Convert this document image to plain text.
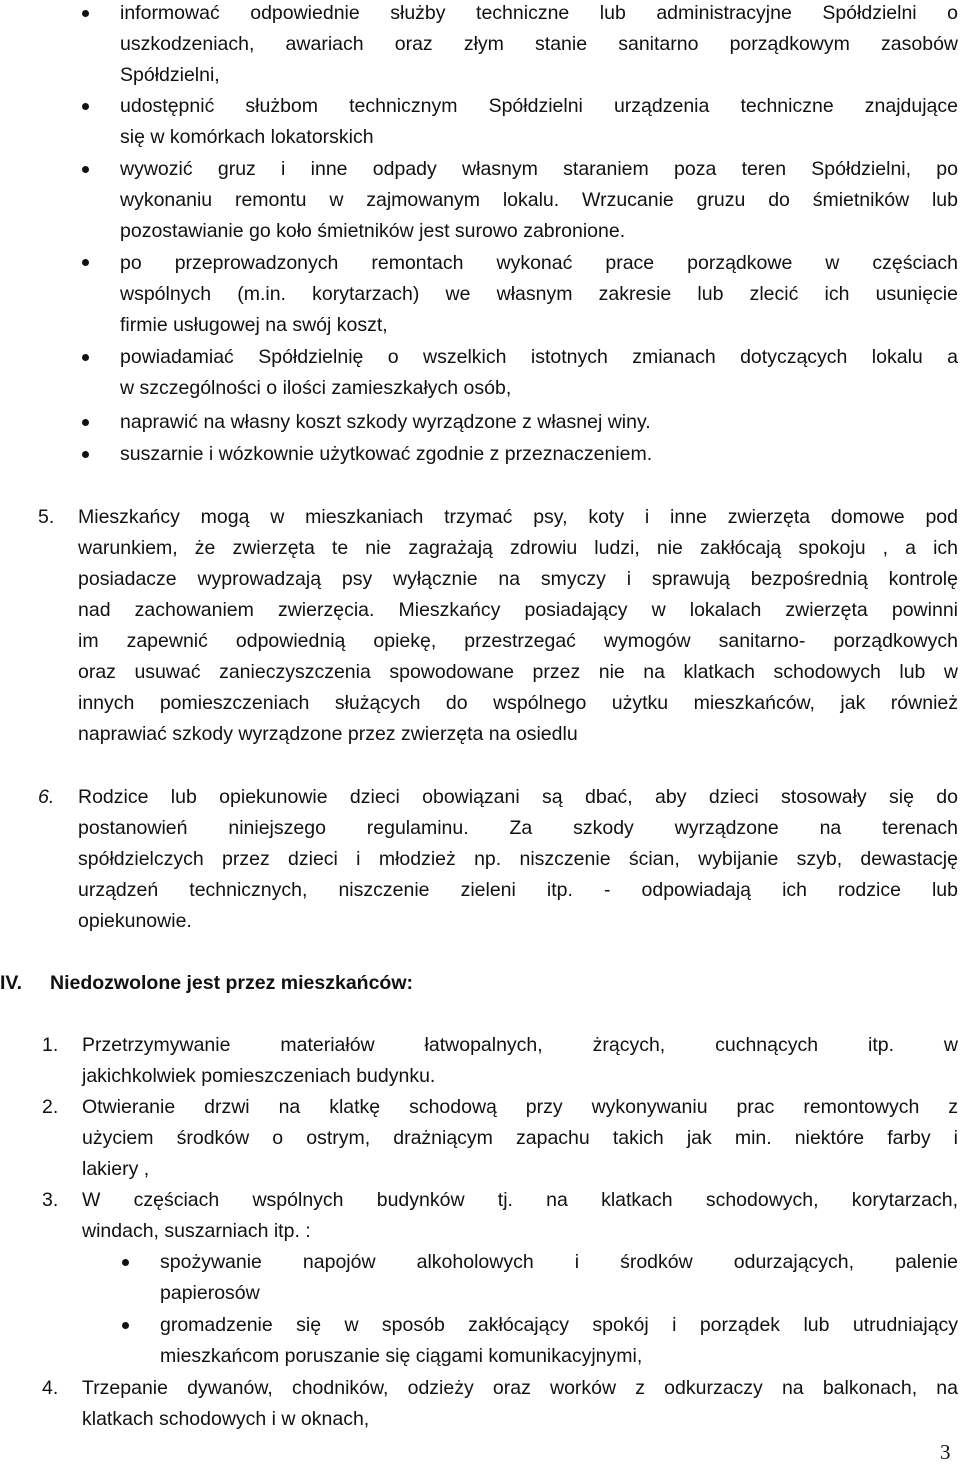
informować odpowiednie służby techniczne lub administracyjne Spółdzielni o
uszkodzeniach, awariach oraz złym stanie sanitarno porządkowym zasobów
Spółdzielni,
udostępnić służbom technicznym Spółdzielni urządzenia techniczne znajdujące
się w komórkach lokatorskich
wywozić gruz i inne odpady własnym staraniem poza teren Spółdzielni, po
wykonaniu remontu w zajmowanym lokalu. Wrzucanie gruzu do śmietników lub
pozostawianie go koło śmietników jest surowo zabronione.
po przeprowadzonych remontach wykonać prace porządkowe w częściach
wspólnych (m.in. korytarzach) we własnym zakresie lub zlecić ich usunięcie
firmie usługowej na swój koszt,
powiadamiać Spółdzielnię o wszelkich istotnych zmianach dotyczących lokalu a
w szczególności o ilości zamieszkałych osób,
naprawić na własny koszt szkody wyrządzone z własnej winy.
suszarnie i wózkownie użytkować zgodnie z przeznaczeniem.
5. Mieszkańcy mogą w mieszkaniach trzymać psy, koty i inne zwierzęta domowe pod
warunkiem, że zwierzęta te nie zagrażają zdrowiu ludzi, nie zakłócają spokoju , a ich
posiadacze wyprowadzają psy wyłącznie na smyczy i sprawują bezpośrednią kontrolę
nad zachowaniem zwierzęcia. Mieszkańcy posiadający w lokalach zwierzęta powinni
im zapewnić odpowiednią opiekę, przestrzegać wymogów sanitarno- porządkowych
oraz usuwać zanieczyszczenia spowodowane przez nie na klatkach schodowych lub w
innych pomieszczeniach służących do wspólnego użytku mieszkańców, jak również
naprawiać szkody wyrządzone przez zwierzęta na osiedlu
6. Rodzice lub opiekunowie dzieci obowiązani są dbać, aby dzieci stosowały się do
postanowień niniejszego regulaminu. Za szkody wyrządzone na terenach
spółdzielczych przez dzieci i młodzież np. niszczenie ścian, wybijanie szyb, dewastację
urządzeń technicznych, niszczenie zieleni itp. - odpowiadają ich rodzice lub
opiekunowie.
IV. Niedozwolone jest przez mieszkańców:
1. Przetrzymywanie materiałów łatwopalnych, żrących, cuchnących itp. w
jakichkolwiek pomieszczeniach budynku.
2. Otwieranie drzwi na klatkę schodową przy wykonywaniu prac remontowych z
użyciem środków o ostrym, drażniącym zapachu takich jak min. niektóre farby i
lakiery ,
3. W częściach wspólnych budynków tj. na klatkach schodowych, korytarzach,
windach, suszarniach itp. :
spożywanie napojów alkoholowych i środków odurzających, palenie
papierosów
gromadzenie się w sposób zakłócający spokój i porządek lub utrudniający
mieszkańcom poruszanie się ciągami komunikacyjnymi,
4. Trzepanie dywanów, chodników, odzieży oraz worków z odkurzaczy na balkonach, na
klatkach schodowych i w oknach,
3
